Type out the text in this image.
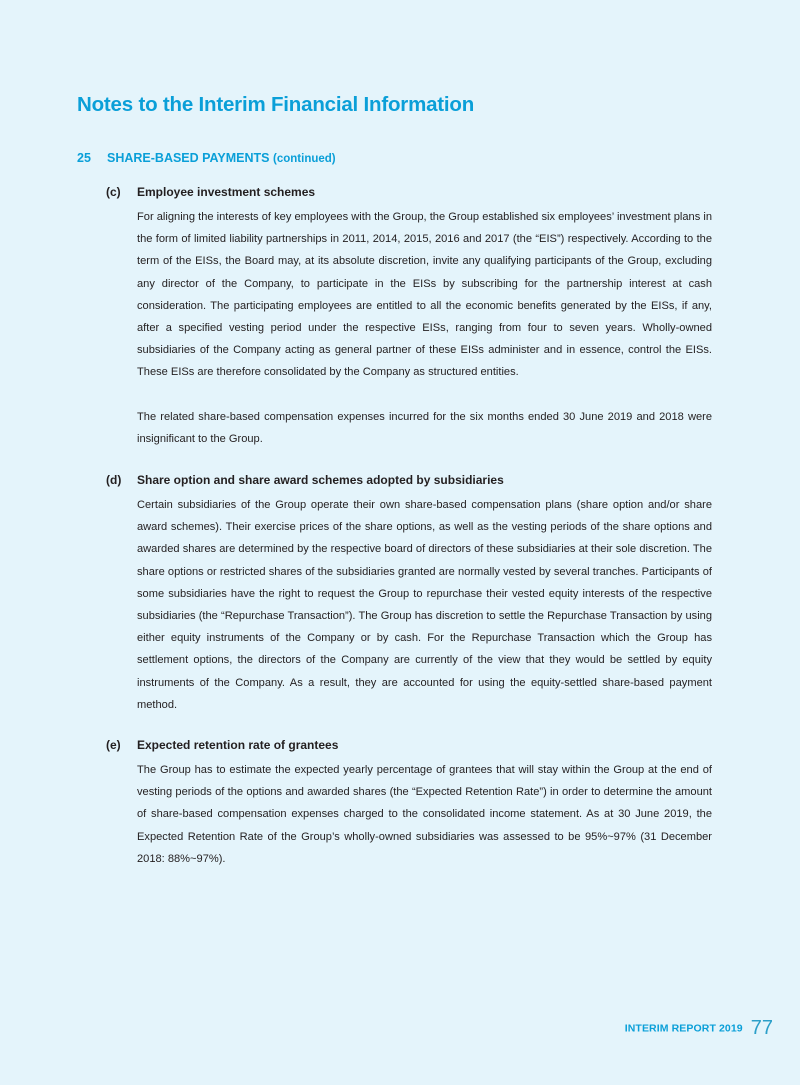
Notes to the Interim Financial Information
25 SHARE-BASED PAYMENTS (continued)
(c) Employee investment schemes

For aligning the interests of key employees with the Group, the Group established six employees’ investment plans in the form of limited liability partnerships in 2011, 2014, 2015, 2016 and 2017 (the “EIS”) respectively. According to the term of the EISs, the Board may, at its absolute discretion, invite any qualifying participants of the Group, excluding any director of the Company, to participate in the EISs by subscribing for the partnership interest at cash consideration. The participating employees are entitled to all the economic benefits generated by the EISs, if any, after a specified vesting period under the respective EISs, ranging from four to seven years. Wholly-owned subsidiaries of the Company acting as general partner of these EISs administer and in essence, control the EISs. These EISs are therefore consolidated by the Company as structured entities.

The related share-based compensation expenses incurred for the six months ended 30 June 2019 and 2018 were insignificant to the Group.

(d) Share option and share award schemes adopted by subsidiaries

Certain subsidiaries of the Group operate their own share-based compensation plans (share option and/or share award schemes). Their exercise prices of the share options, as well as the vesting periods of the share options and awarded shares are determined by the respective board of directors of these subsidiaries at their sole discretion. The share options or restricted shares of the subsidiaries granted are normally vested by several tranches. Participants of some subsidiaries have the right to request the Group to repurchase their vested equity interests of the respective subsidiaries (the “Repurchase Transaction”). The Group has discretion to settle the Repurchase Transaction by using either equity instruments of the Company or by cash. For the Repurchase Transaction which the Group has settlement options, the directors of the Company are currently of the view that they would be settled by equity instruments of the Company. As a result, they are accounted for using the equity-settled share-based payment method.

(e) Expected retention rate of grantees

The Group has to estimate the expected yearly percentage of grantees that will stay within the Group at the end of vesting periods of the options and awarded shares (the “Expected Retention Rate”) in order to determine the amount of share-based compensation expenses charged to the consolidated income statement. As at 30 June 2019, the Expected Retention Rate of the Group’s wholly-owned subsidiaries was assessed to be 95%~97% (31 December 2018: 88%~97%).

INTERIM REPORT 2019 77
